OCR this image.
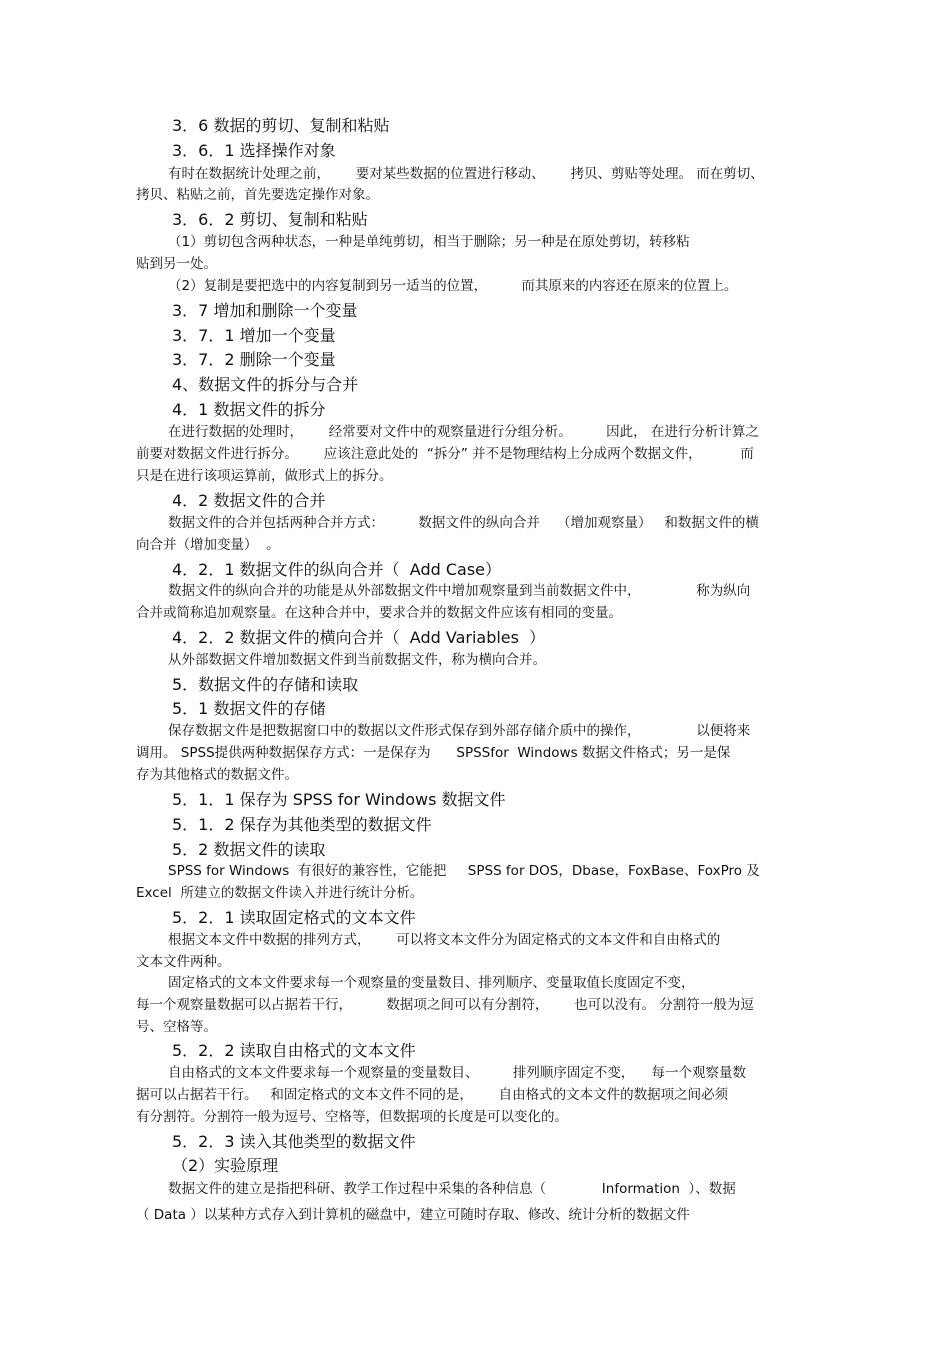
3．6 数据的剪切、复制和粘贴
3．6．1 选择操作对象
有时在数据统计处理之前，      要对某些数据的位置进行移动、      拷贝、剪贴等处理。 而在剪切、
拷贝、粘贴之前，首先要选定操作对象。
3．6．2 剪切、复制和粘贴
（1）剪切包含两种状态，一种是单纯剪切，相当于删除；另一种是在原处剪切，转移粘
贴到另一处。
（2）复制是要把选中的内容复制到另一适当的位置，        而其原来的内容还在原来的位置上。
3．7 增加和删除一个变量
3．7．1 增加一个变量
3．7．2 删除一个变量
4、数据文件的拆分与合并
4．1 数据文件的拆分
在进行数据的处理时，      经常要对文件中的观察量进行分组分析。        因此， 在进行分析计算之
前要对数据文件进行拆分。      应该注意此处的  “拆分” 并不是物理结构上分成两个数据文件，         而
只是在进行该项运算前，做形式上的拆分。
4．2 数据文件的合并
数据文件的合并包括两种合并方式：        数据文件的纵向合并    （增加观察量）   和数据文件的横
向合并（增加变量）  。
4．2．1 数据文件的纵向合并（  Add Case）
数据文件的纵向合并的功能是从外部数据文件中增加观察量到当前数据文件中，             称为纵向
合并或简称追加观察量。在这种合并中，要求合并的数据文件应该有相同的变量。
4．2．2 数据文件的横向合并（  Add Variables  ）
从外部数据文件增加数据文件到当前数据文件，称为横向合并。
5．数据文件的存储和读取
5．1 数据文件的存储
保存数据文件是把数据窗口中的数据以文件形式保存到外部存储介质中的操作，             以便将来
调用。 SPSS提供两种数据保存方式：一是保存为      SPSSfor  Windows 数据文件格式；另一是保
存为其他格式的数据文件。
5．1．1 保存为 SPSS for Windows 数据文件
5．1．2 保存为其他类型的数据文件
5．2 数据文件的读取
SPSS for Windows  有很好的兼容性，它能把     SPSS for DOS，Dbase，FoxBase、FoxPro 及
Excel  所建立的数据文件读入并进行统计分析。
5．2．1 读取固定格式的文本文件
根据文本文件中数据的排列方式，      可以将文本文件分为固定格式的文本文件和自由格式的
文本文件两种。
固定格式的文本文件要求每一个观察量的变量数目、排列顺序、变量取值长度固定不变，
每一个观察量数据可以占据若干行，        数据项之间可以有分割符，      也可以没有。 分割符一般为逗
号、空格等。
5．2．2 读取自由格式的文本文件
自由格式的文本文件要求每一个观察量的变量数目、        排列顺序固定不变，    每一个观察量数
据可以占据若干行。   和固定格式的文本文件不同的是，      自由格式的文本文件的数据项之间必须
有分割符。分割符一般为逗号、空格等，但数据项的长度是可以变化的。
5．2．3 读入其他类型的数据文件
（2）实验原理
数据文件的建立是指把科研、教学工作过程中采集的各种信息（             Information  ）、数据
（ Data ）以某种方式存入到计算机的磁盘中，建立可随时存取、修改、统计分析的数据文件
